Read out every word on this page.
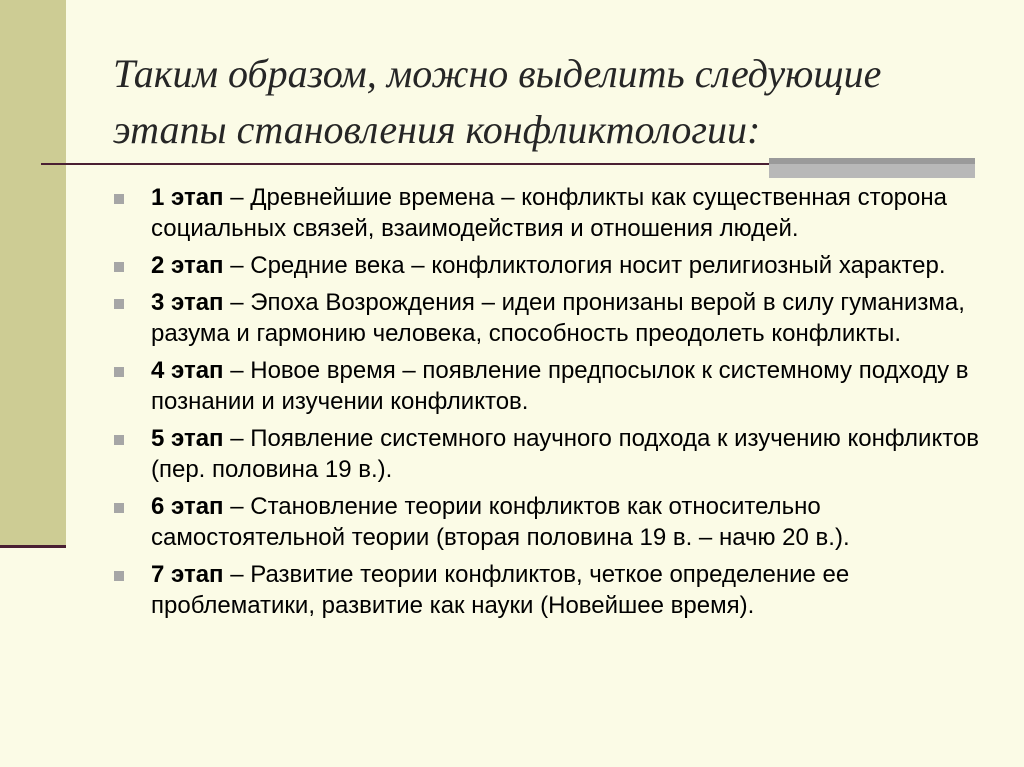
Таким образом, можно выделить следующие этапы становления конфликтологии:
1 этап – Древнейшие времена – конфликты как существенная сторона социальных связей, взаимодействия и отношения людей.
2 этап – Средние века – конфликтология носит религиозный характер.
3 этап – Эпоха Возрождения – идеи пронизаны верой в силу гуманизма, разума и гармонию человека, способность преодолеть конфликты.
4 этап – Новое время – появление предпосылок к системному подходу в познании и изучении конфликтов.
5 этап – Появление системного научного подхода к изучению конфликтов (пер. половина 19 в.).
6 этап – Становление теории конфликтов как относительно самостоятельной теории (вторая половина 19 в. – начю 20 в.).
7 этап – Развитие теории конфликтов, четкое определение ее проблематики, развитие как науки (Новейшее время).
